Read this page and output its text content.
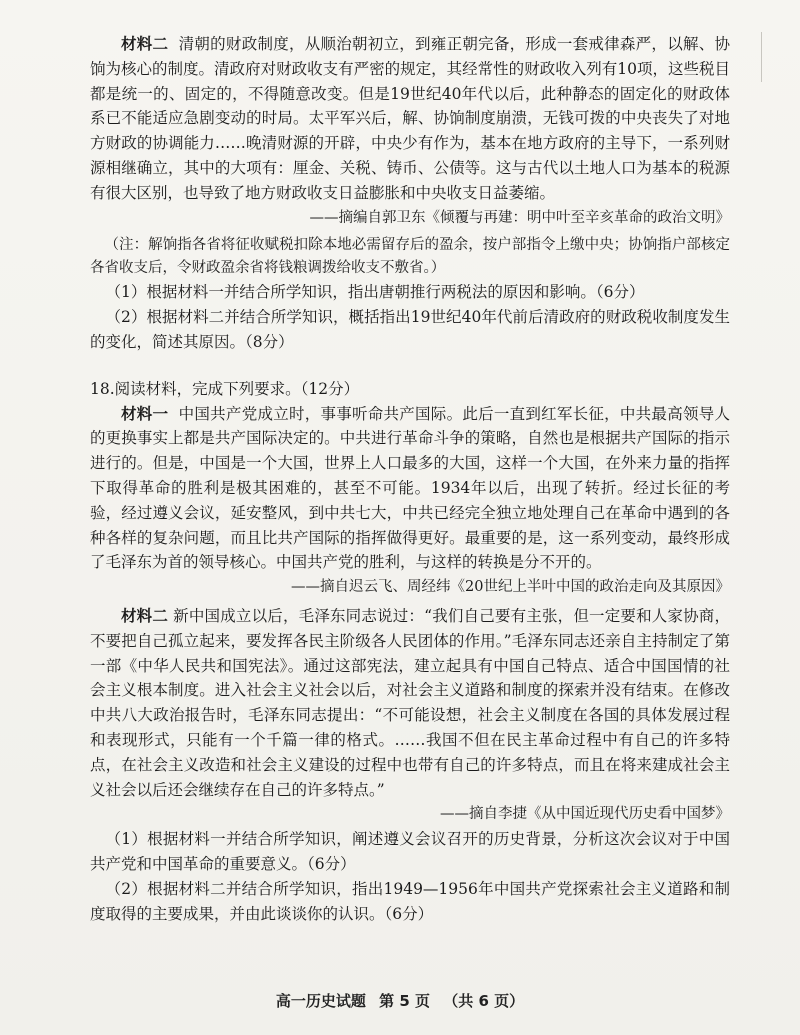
材料二 清朝的财政制度，从顺治朝初立，到雍正朝完备，形成一套戒律森严，以解、协饷为核心的制度。清政府对财政收支有严密的规定，其经常性的财政收入列有10项，这些税目都是统一的、固定的，不得随意改变。但是19世纪40年代以后，此种静态的固定化的财政体系已不能适应急剧变动的时局。太平军兴后，解、协饷制度崩溃，无钱可拨的中央丧失了对地方财政的协调能力……晚清财源的开辟，中央少有作为，基本在地方政府的主导下，一系列财源相继确立，其中的大项有：厘金、关税、铸币、公债等。这与古代以土地人口为基本的税源有很大区别，也导致了地方财政收支日益膨胀和中央收支日益萎缩。

——摘编自郭卫东《倾覆与再建：明中叶至辛亥革命的政治文明》

（注：解饷指各省将征收赋税扣除本地必需留存后的盈余，按户部指令上缴中央；协饷指户部核定各省收支后，令财政盈余省将钱粮调拨给收支不敷省。）

（1）根据材料一并结合所学知识，指出唐朝推行两税法的原因和影响。（6分）

（2）根据材料二并结合所学知识，概括指出19世纪40年代前后清政府的财政税收制度发生的变化，简述其原因。（8分）

18.阅读材料，完成下列要求。（12分）

材料一 中国共产党成立时，事事听命共产国际。此后一直到红军长征，中共最高领导人的更换事实上都是共产国际决定的。中共进行革命斗争的策略，自然也是根据共产国际的指示进行的。但是，中国是一个大国，世界上人口最多的大国，这样一个大国，在外来力量的指挥下取得革命的胜利是极其困难的，甚至不可能。1934年以后，出现了转折。经过长征的考验，经过遵义会议，延安整风，到中共七大，中共已经完全独立地处理自己在革命中遇到的各种各样的复杂问题，而且比共产国际的指挥做得更好。最重要的是，这一系列变动，最终形成了毛泽东为首的领导核心。中国共产党的胜利，与这样的转换是分不开的。

——摘自迟云飞、周经纬《20世纪上半叶中国的政治走向及其原因》

材料二 新中国成立以后，毛泽东同志说过：“我们自己要有主张，但一定要和人家协商，不要把自己孤立起来，要发挥各民主阶级各人民团体的作用。”毛泽东同志还亲自主持制定了第一部《中华人民共和国宪法》。通过这部宪法，建立起具有中国自己特点、适合中国国情的社会主义根本制度。进入社会主义社会以后，对社会主义道路和制度的探索并没有结束。在修改中共八大政治报告时，毛泽东同志提出：“不可能设想，社会主义制度在各国的具体发展过程和表现形式，只能有一个千篇一律的格式。……我国不但在民主革命过程中有自己的许多特点，在社会主义改造和社会主义建设的过程中也带有自己的许多特点，而且在将来建成社会主义社会以后还会继续存在自己的许多特点。”

——摘自李捷《从中国近现代历史看中国梦》

（1）根据材料一并结合所学知识，阐述遵义会议召开的历史背景，分析这次会议对于中国共产党和中国革命的重要意义。（6分）

（2）根据材料二并结合所学知识，指出1949—1956年中国共产党探索社会主义道路和制度取得的主要成果，并由此谈谈你的认识。（6分）

高一历史试题 第 5 页 （共 6 页）
